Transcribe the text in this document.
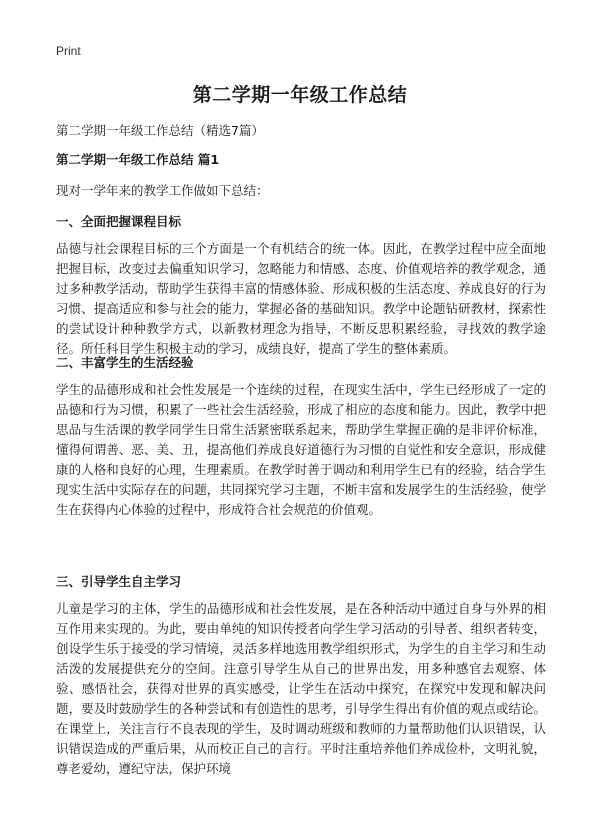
Print
第二学期一年级工作总结

第二学期一年级工作总结（精选7篇）

第二学期一年级工作总结 篇1

现对一学年来的教学工作做如下总结：

一、全面把握课程目标

品德与社会课程目标的三个方面是一个有机结合的统一体。因此，在教学过程中应全面地把握目标，改变过去偏重知识学习，忽略能力和情感、态度、价值观培养的教学观念，通过多种教学活动，帮助学生获得丰富的情感体验、形成积极的生活态度、养成良好的行为习惯、提高适应和参与社会的能力，掌握必备的基础知识。教学中论题钻研教材，探索性的尝试设计种种教学方式，以新教材理念为指导，不断反思积累经验，寻找效的教学途径。所任科目学生积极主动的学习，成绩良好，提高了学生的整体素质。

二、丰富学生的生活经验

学生的品德形成和社会性发展是一个连续的过程，在现实生活中，学生已经形成了一定的品德和行为习惯，积累了一些社会生活经验，形成了相应的态度和能力。因此，教学中把思品与生活课的教学同学生日常生活紧密联系起来，帮助学生掌握正确的是非评价标准，懂得何谓善、恶、美、丑，提高他们养成良好道德行为习惯的自觉性和安全意识，形成健康的人格和良好的心理，生理素质。在教学时善于调动和利用学生已有的经验，结合学生现实生活中实际存在的问题，共同探究学习主题，不断丰富和发展学生的生活经验，使学生在获得内心体验的过程中，形成符合社会规范的价值观。

三、引导学生自主学习

儿童是学习的主体，学生的品德形成和社会性发展，是在各种活动中通过自身与外界的相互作用来实现的。为此，要由单纯的知识传授者向学生学习活动的引导者、组织者转变，创设学生乐于接受的学习情境，灵活多样地选用教学组织形式，为学生的自主学习和生动活泼的发展提供充分的空间。注意引导学生从自己的世界出发，用多种感官去观察、体验、感悟社会，获得对世界的真实感受，让学生在活动中探究，在探究中发现和解决问题，要及时鼓励学生的各种尝试和有创造性的思考，引导学生得出有价值的观点或结论。在课堂上，关注言行不良表现的学生，及时调动班级和教师的力量帮助他们认识错误，认识错误造成的严重后果，从而校正自己的言行。平时注重培养他们养成俭朴，文明礼貌，尊老爱幼，遵纪守法，保护环境
